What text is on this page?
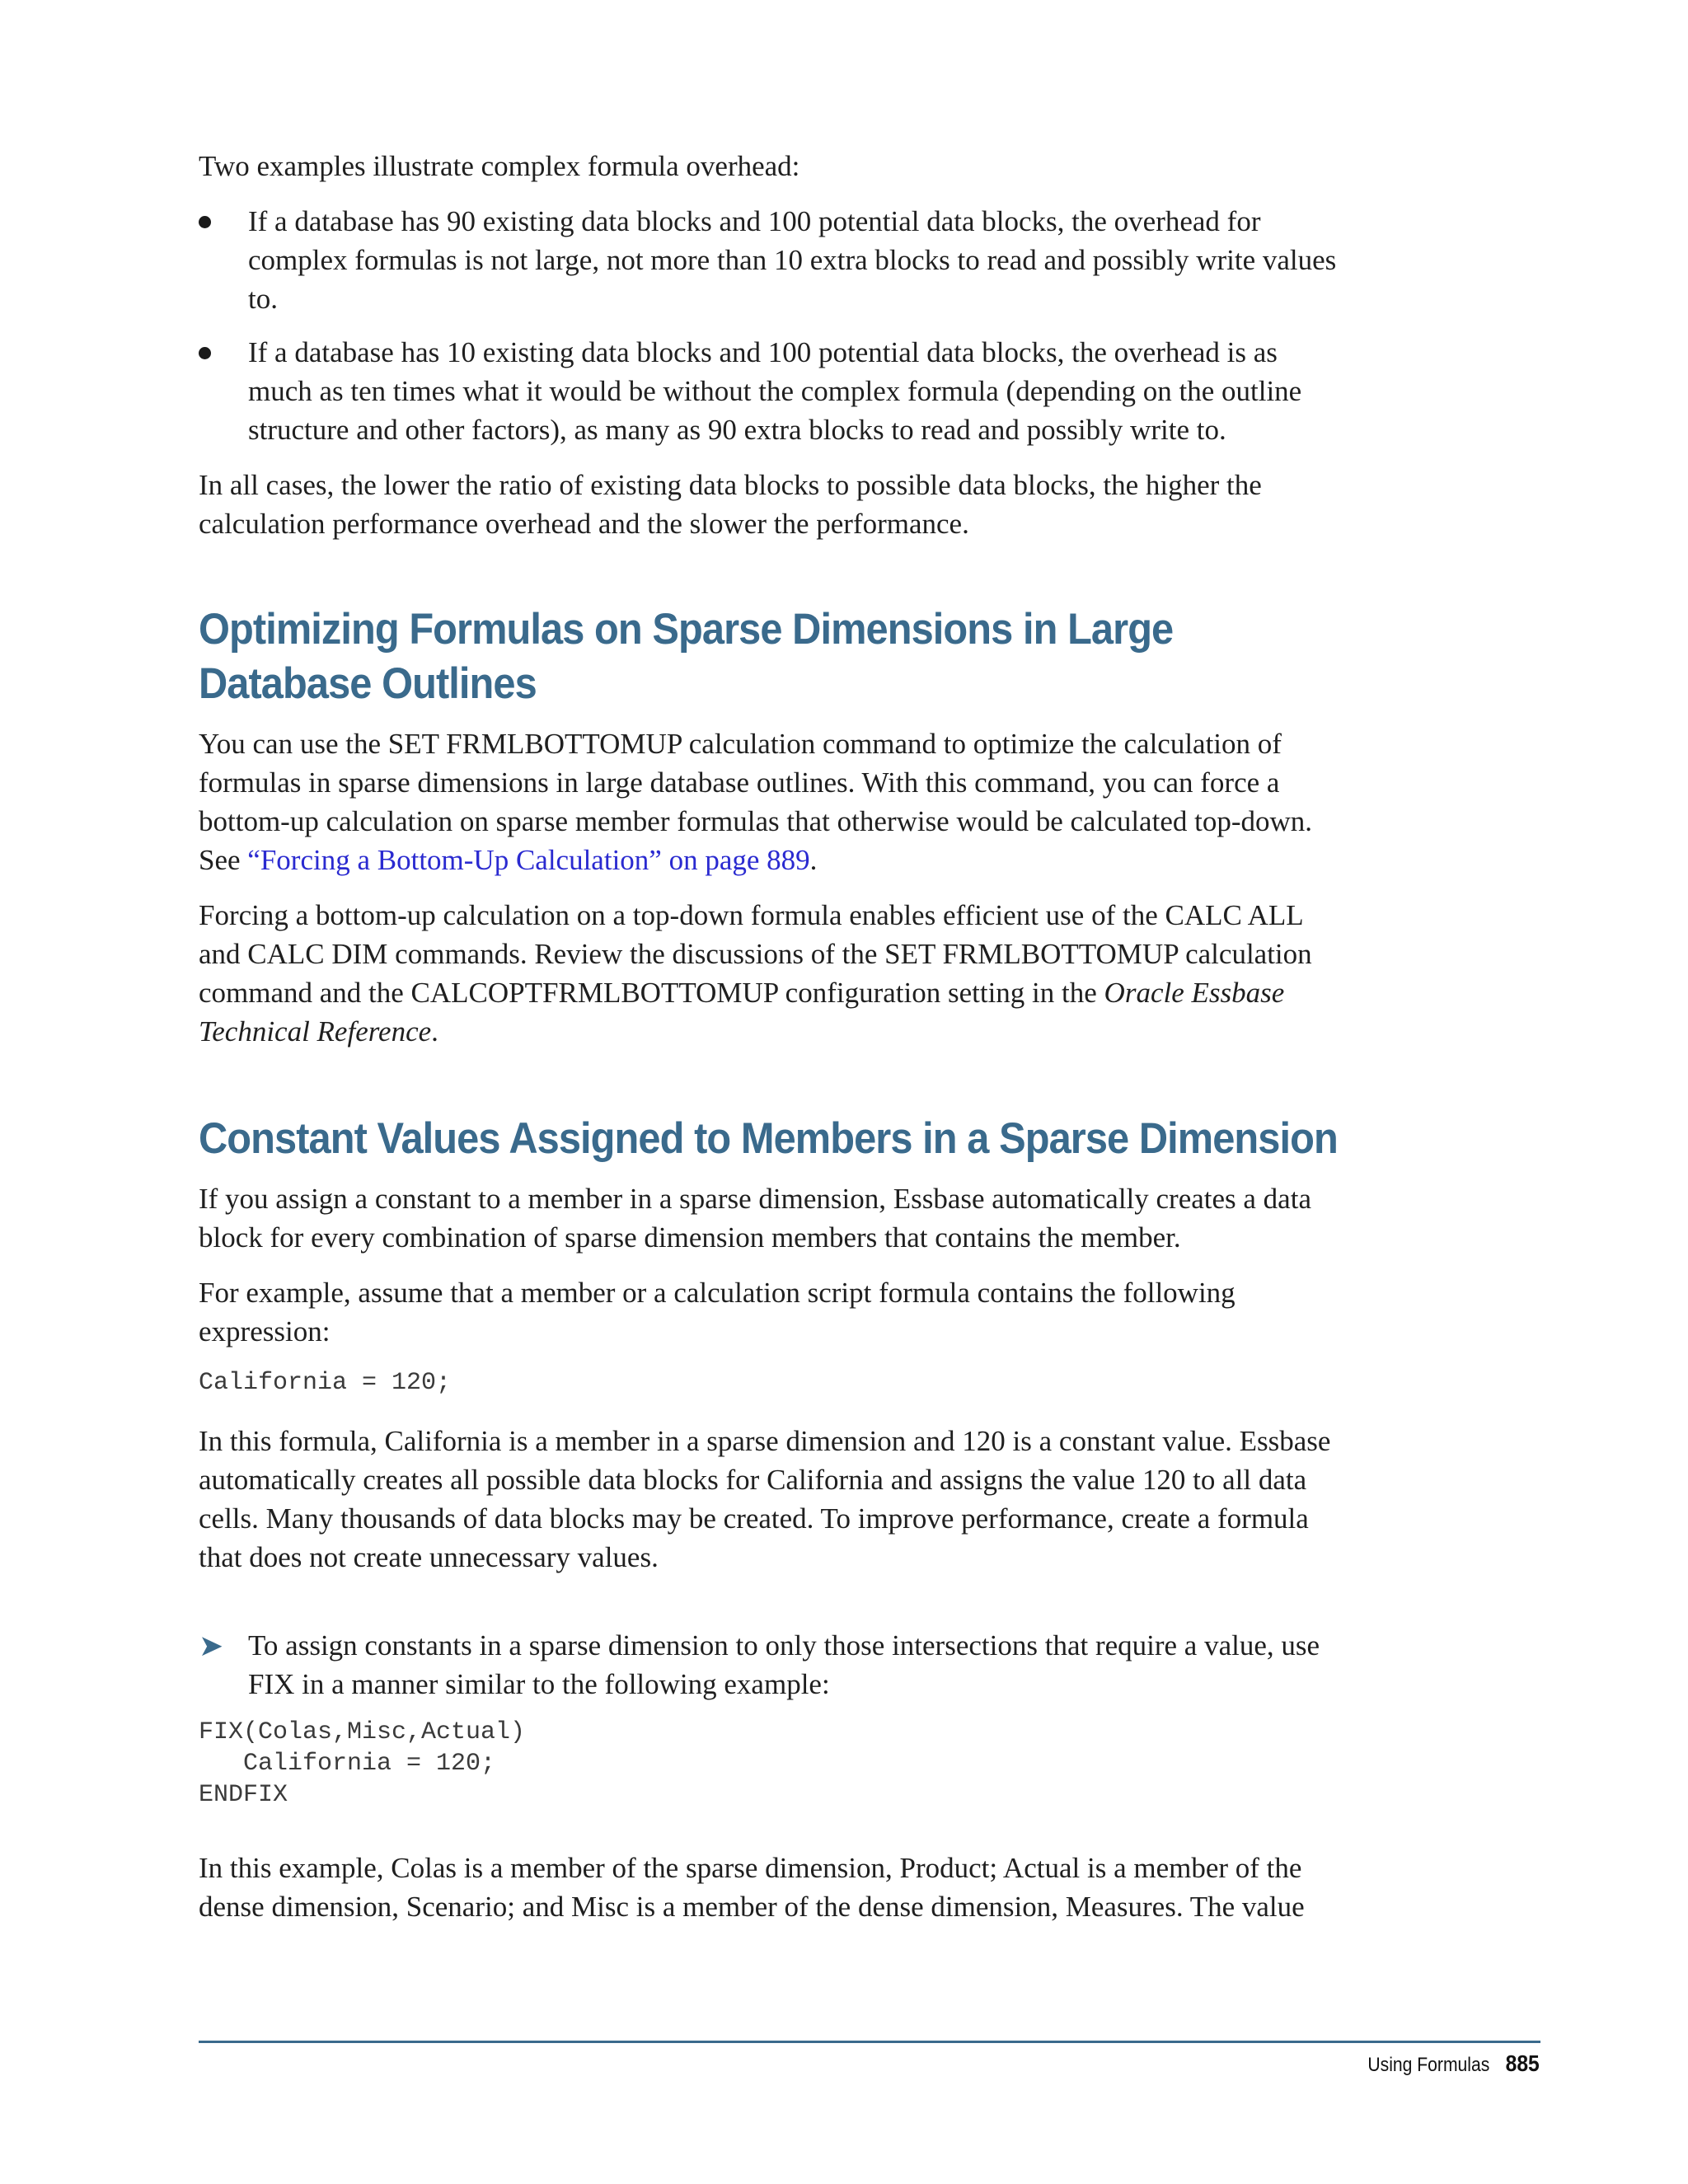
Two examples illustrate complex formula overhead:

If a database has 90 existing data blocks and 100 potential data blocks, the overhead for complex formulas is not large, not more than 10 extra blocks to read and possibly write values to.
If a database has 10 existing data blocks and 100 potential data blocks, the overhead is as much as ten times what it would be without the complex formula (depending on the outline structure and other factors), as many as 90 extra blocks to read and possibly write to.

In all cases, the lower the ratio of existing data blocks to possible data blocks, the higher the calculation performance overhead and the slower the performance.

Optimizing Formulas on Sparse Dimensions in Large
Database Outlines

You can use the SET FRMLBOTTOMUP calculation command to optimize the calculation of formulas in sparse dimensions in large database outlines. With this command, you can force a bottom-up calculation on sparse member formulas that otherwise would be calculated top-down. See “Forcing a Bottom-Up Calculation” on page 889.

Forcing a bottom-up calculation on a top-down formula enables efficient use of the CALC ALL and CALC DIM commands. Review the discussions of the SET FRMLBOTTOMUP calculation command and the CALCOPTFRMLBOTTOMUP configuration setting in the Oracle Essbase Technical Reference.

Constant Values Assigned to Members in a Sparse Dimension

If you assign a constant to a member in a sparse dimension, Essbase automatically creates a data block for every combination of sparse dimension members that contains the member.

For example, assume that a member or a calculation script formula contains the following expression:

California = 120;

In this formula, California is a member in a sparse dimension and 120 is a constant value. Essbase automatically creates all possible data blocks for California and assigns the value 120 to all data cells. Many thousands of data blocks may be created. To improve performance, create a formula that does not create unnecessary values.

➤ To assign constants in a sparse dimension to only those intersections that require a value, use FIX in a manner similar to the following example:
FIX(Colas,Misc,Actual)
California = 120;
ENDFIX

In this example, Colas is a member of the sparse dimension, Product; Actual is a member of the dense dimension, Scenario; and Misc is a member of the dense dimension, Measures. The value

Using Formulas 885
